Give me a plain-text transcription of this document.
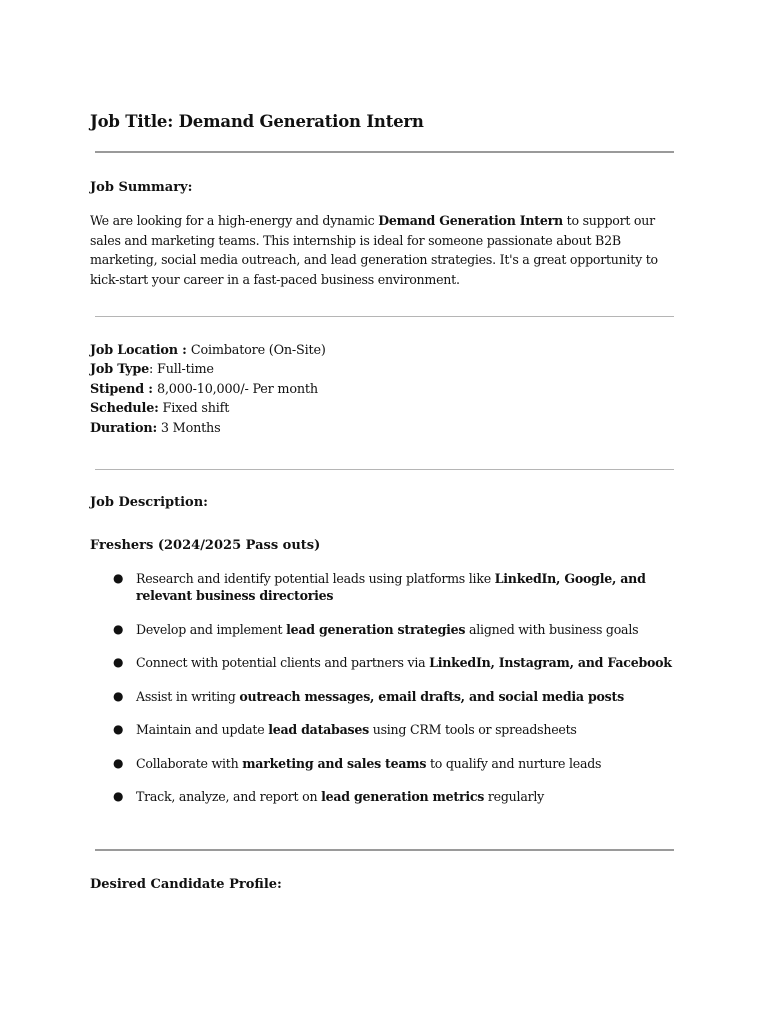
Job Title: Demand Generation Intern

Job Summary:

We are looking for a high-energy and dynamic Demand Generation Intern to support our sales and marketing teams. This internship is ideal for someone passionate about B2B marketing, social media outreach, and lead generation strategies. It's a great opportunity to kick-start your career in a fast-paced business environment.

Job Location : Coimbatore (On-Site)
Job Type: Full-time
Stipend : 8,000-10,000/- Per month
Schedule: Fixed shift
Duration: 3 Months

Job Description:

Freshers (2024/2025 Pass outs)

● Research and identify potential leads using platforms like LinkedIn, Google, and relevant business directories
● Develop and implement lead generation strategies aligned with business goals
● Connect with potential clients and partners via LinkedIn, Instagram, and Facebook
● Assist in writing outreach messages, email drafts, and social media posts
● Maintain and update lead databases using CRM tools or spreadsheets
● Collaborate with marketing and sales teams to qualify and nurture leads
● Track, analyze, and report on lead generation metrics regularly

Desired Candidate Profile:
